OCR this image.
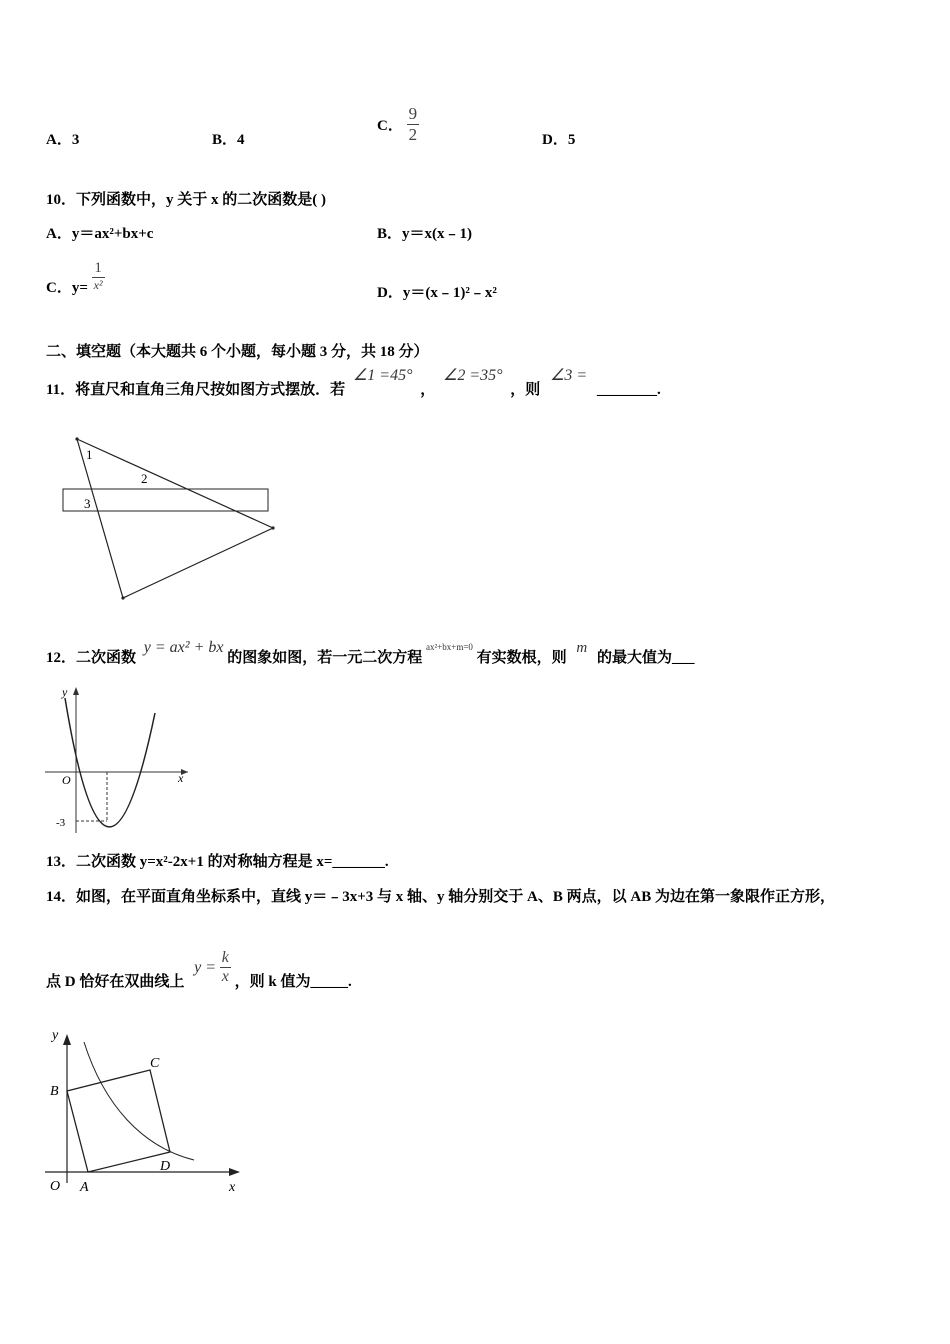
A．3	B．4
C． $\frac{9}{2}$	D．5
10．下列函数中，y 关于 x 的二次函数是( )
A．y＝ax²+bx+c	B．y＝x(x﹣1)
C．$y= \frac{1}{\text{x²}}$	D．y＝(x﹣1)²﹣x²
二、填空题（本大题共 6 个小题，每小题 3 分，共 18 分）
11．将直尺和直角三角尺按如图方式摆放．若 ∠1 =45° ， ∠2 =35° ，则 ∠3 = ________.
1
2
3
12．二次函数 y = ax² + bx 的图象如图，若一元二次方程 ax²+bx+m=0 有实数根，则 m 的最大值为___
y
x
O
-3
13．二次函数 y=x²-2x+1 的对称轴方程是 x=_______.
14．如图，在平面直角坐标系中，直线 y＝﹣3x+3 与 x 轴、y 轴分别交于 A、B 两点，以 AB 为边在第一象限作正方形，
点 D 恰好在双曲线上 $y = \frac{k}{x}$ ，则 k 值为_____.
y
x
O A
B
C
D
